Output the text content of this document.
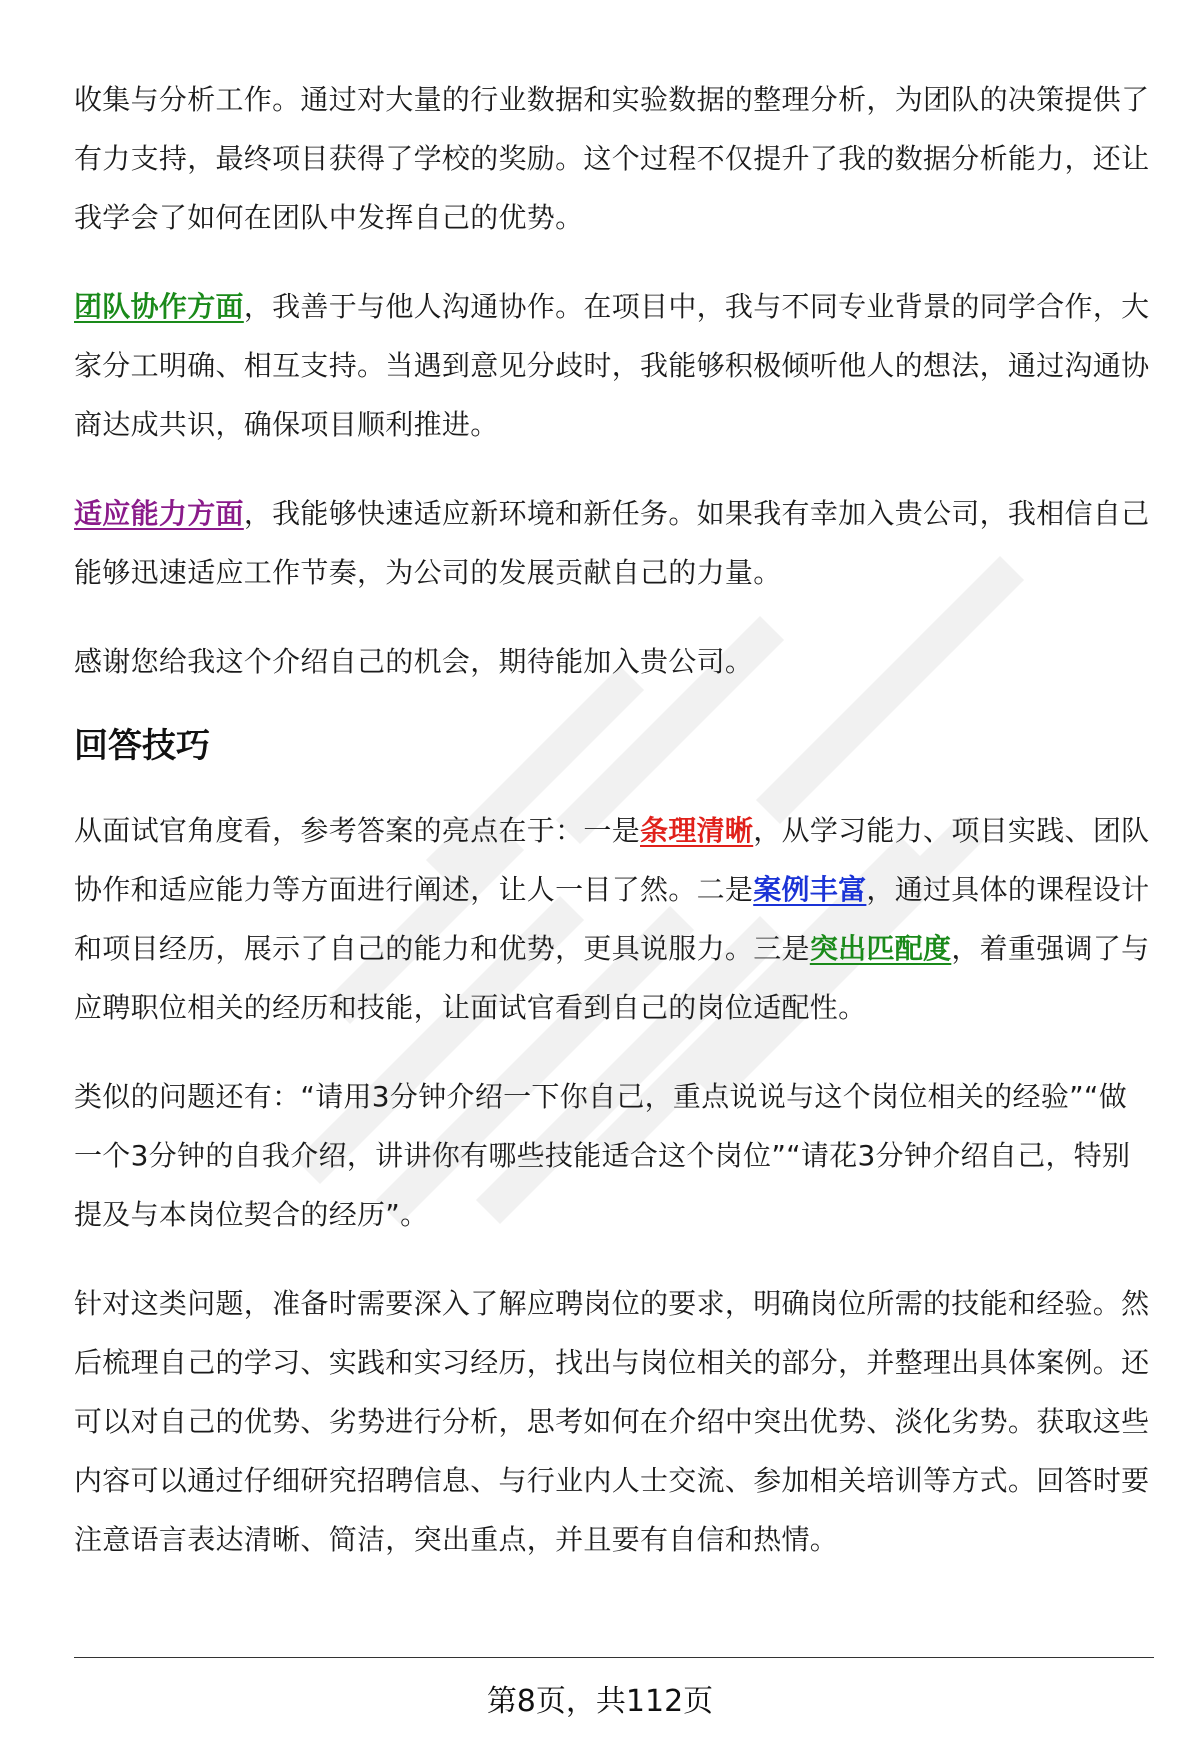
收集与分析工作。通过对大量的行业数据和实验数据的整理分析，为团队的决策提供了有力支持，最终项目获得了学校的奖励。这个过程不仅提升了我的数据分析能力，还让我学会了如何在团队中发挥自己的优势。

团队协作方面，我善于与他人沟通协作。在项目中，我与不同专业背景的同学合作，大家分工明确、相互支持。当遇到意见分歧时，我能够积极倾听他人的想法，通过沟通协商达成共识，确保项目顺利推进。

适应能力方面，我能够快速适应新环境和新任务。如果我有幸加入贵公司，我相信自己能够迅速适应工作节奏，为公司的发展贡献自己的力量。

感谢您给我这个介绍自己的机会，期待能加入贵公司。

回答技巧

从面试官角度看，参考答案的亮点在于：一是条理清晰，从学习能力、项目实践、团队协作和适应能力等方面进行阐述，让人一目了然。二是案例丰富，通过具体的课程设计和项目经历，展示了自己的能力和优势，更具说服力。三是突出匹配度，着重强调了与应聘职位相关的经历和技能，让面试官看到自己的岗位适配性。

类似的问题还有：“请用3分钟介绍一下你自己，重点说说与这个岗位相关的经验”“做一个3分钟的自我介绍，讲讲你有哪些技能适合这个岗位”“请花3分钟介绍自己，特别提及与本岗位契合的经历”。

针对这类问题，准备时需要深入了解应聘岗位的要求，明确岗位所需的技能和经验。然后梳理自己的学习、实践和实习经历，找出与岗位相关的部分，并整理出具体案例。还可以对自己的优势、劣势进行分析，思考如何在介绍中突出优势、淡化劣势。获取这些内容可以通过仔细研究招聘信息、与行业内人士交流、参加相关培训等方式。回答时要注意语言表达清晰、简洁，突出重点，并且要有自信和热情。

第8页，共112页
